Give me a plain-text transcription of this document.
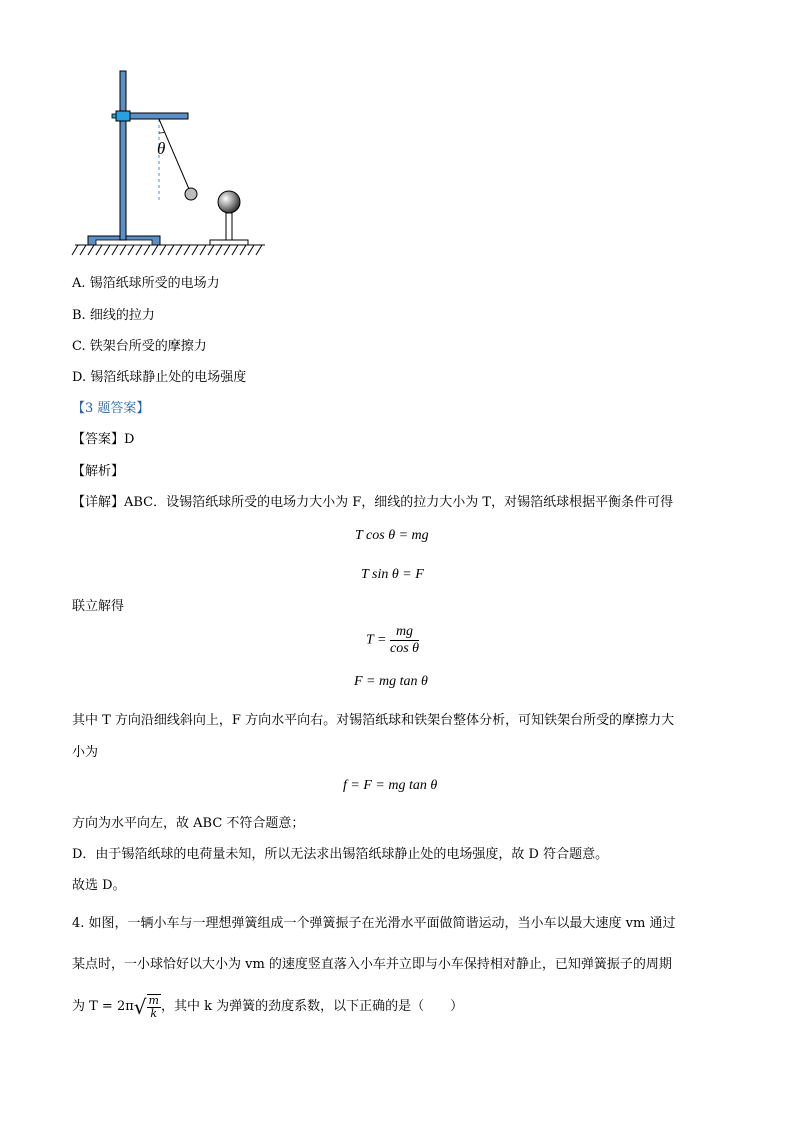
θ
A. 锡箔纸球所受的电场力
B. 细线的拉力
C. 铁架台所受的摩擦力
D. 锡箔纸球静止处的电场强度
【3 题答案】
【答案】D
【解析】
【详解】ABC．设锡箔纸球所受的电场力大小为 F，细线的拉力大小为 T，对锡箔纸球根据平衡条件可得
T cos θ = mg
T sin θ = F
联立解得
$T = \frac{mg}{\text{cos θ}}$
F = mg tan θ
其中 T 方向沿细线斜向上，F 方向水平向右。对锡箔纸球和铁架台整体分析，可知铁架台所受的摩擦力大
小为
f = F = mg tan θ
方向为水平向左，故 ABC 不符合题意；
D．由于锡箔纸球的电荷量未知，所以无法求出锡箔纸球静止处的电场强度，故 D 符合题意。
故选 D。
4. 如图，一辆小车与一理想弹簧组成一个弹簧振子在光滑水平面做简谐运动，当小车以最大速度 vm 通过
某点时，一小球恰好以大小为 vm 的速度竖直落入小车并立即与小车保持相对静止，已知弹簧振子的周期
为 $T = 2\pi√ \frac{m}{k}$ ，其中 k 为弹簧的劲度系数，以下正确的是（　　）
